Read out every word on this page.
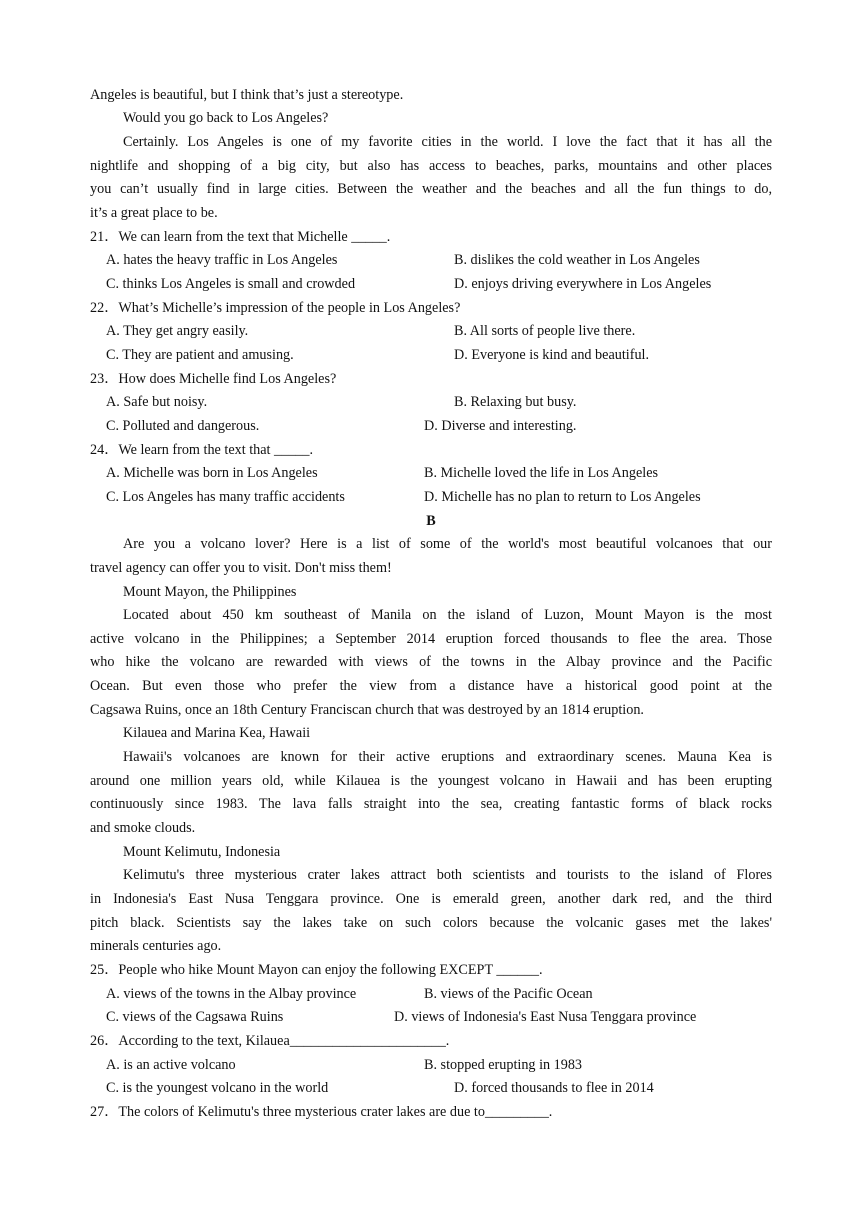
Angeles is beautiful, but I think that’s just a stereotype.
Would you go back to Los Angeles?
Certainly. Los Angeles is one of my favorite cities in the world. I love the fact that it has all the
nightlife and shopping of a big city, but also has access to beaches, parks, mountains and other places
you can’t usually find in large cities. Between the weather and the beaches and all the fun things to do,
it’s a great place to be.
21．We can learn from the text that Michelle _____.
A. hates the heavy traffic in Los Angeles	B. dislikes the cold weather in Los Angeles
C. thinks Los Angeles is small and crowded	D. enjoys driving everywhere in Los Angeles
22．What’s Michelle’s impression of the people in Los Angeles?
A. They get angry easily.	B. All sorts of people live there.
C. They are patient and amusing.	D. Everyone is kind and beautiful.
23．How does Michelle find Los Angeles?
A. Safe but noisy.	B. Relaxing but busy.
C. Polluted and dangerous.	D. Diverse and interesting.
24．We learn from the text that _____.
A. Michelle was born in Los Angeles	B. Michelle loved the life in Los Angeles
C. Los Angeles has many traffic accidents	D. Michelle has no plan to return to Los Angeles
B
Are you a volcano lover? Here is a list of some of the world's most beautiful volcanoes that our
travel agency can offer you to visit. Don't miss them!
Mount Mayon, the Philippines
Located about 450 km southeast of Manila on the island of Luzon, Mount Mayon is the most
active volcano in the Philippines; a September 2014 eruption forced thousands to flee the area. Those
who hike the volcano are rewarded with views of the towns in the Albay province and the Pacific
Ocean. But even those who prefer the view from a distance have a historical good point at the
Cagsawa Ruins, once an 18th Century Franciscan church that was destroyed by an 1814 eruption.
Kilauea and Marina Kea, Hawaii
Hawaii's volcanoes are known for their active eruptions and extraordinary scenes. Mauna Kea is
around one million years old, while Kilauea is the youngest volcano in Hawaii and has been erupting
continuously since 1983. The lava falls straight into the sea, creating fantastic forms of black rocks
and smoke clouds.
Mount Kelimutu, Indonesia
Kelimutu's three mysterious crater lakes attract both scientists and tourists to the island of Flores
in Indonesia's East Nusa Tenggara province. One is emerald green, another dark red, and the third
pitch black. Scientists say the lakes take on such colors because the volcanic gases met the lakes'
minerals centuries ago.
25．People who hike Mount Mayon can enjoy the following EXCEPT ______.
A. views of the towns in the Albay province	B. views of the Pacific Ocean
C. views of the Cagsawa Ruins	D. views of Indonesia's East Nusa Tenggara province
26．According to the text, Kilauea______________________.
A. is an active volcano	B. stopped erupting in 1983
C. is the youngest volcano in the world	D. forced thousands to flee in 2014
27．The colors of Kelimutu's three mysterious crater lakes are due to_________.
